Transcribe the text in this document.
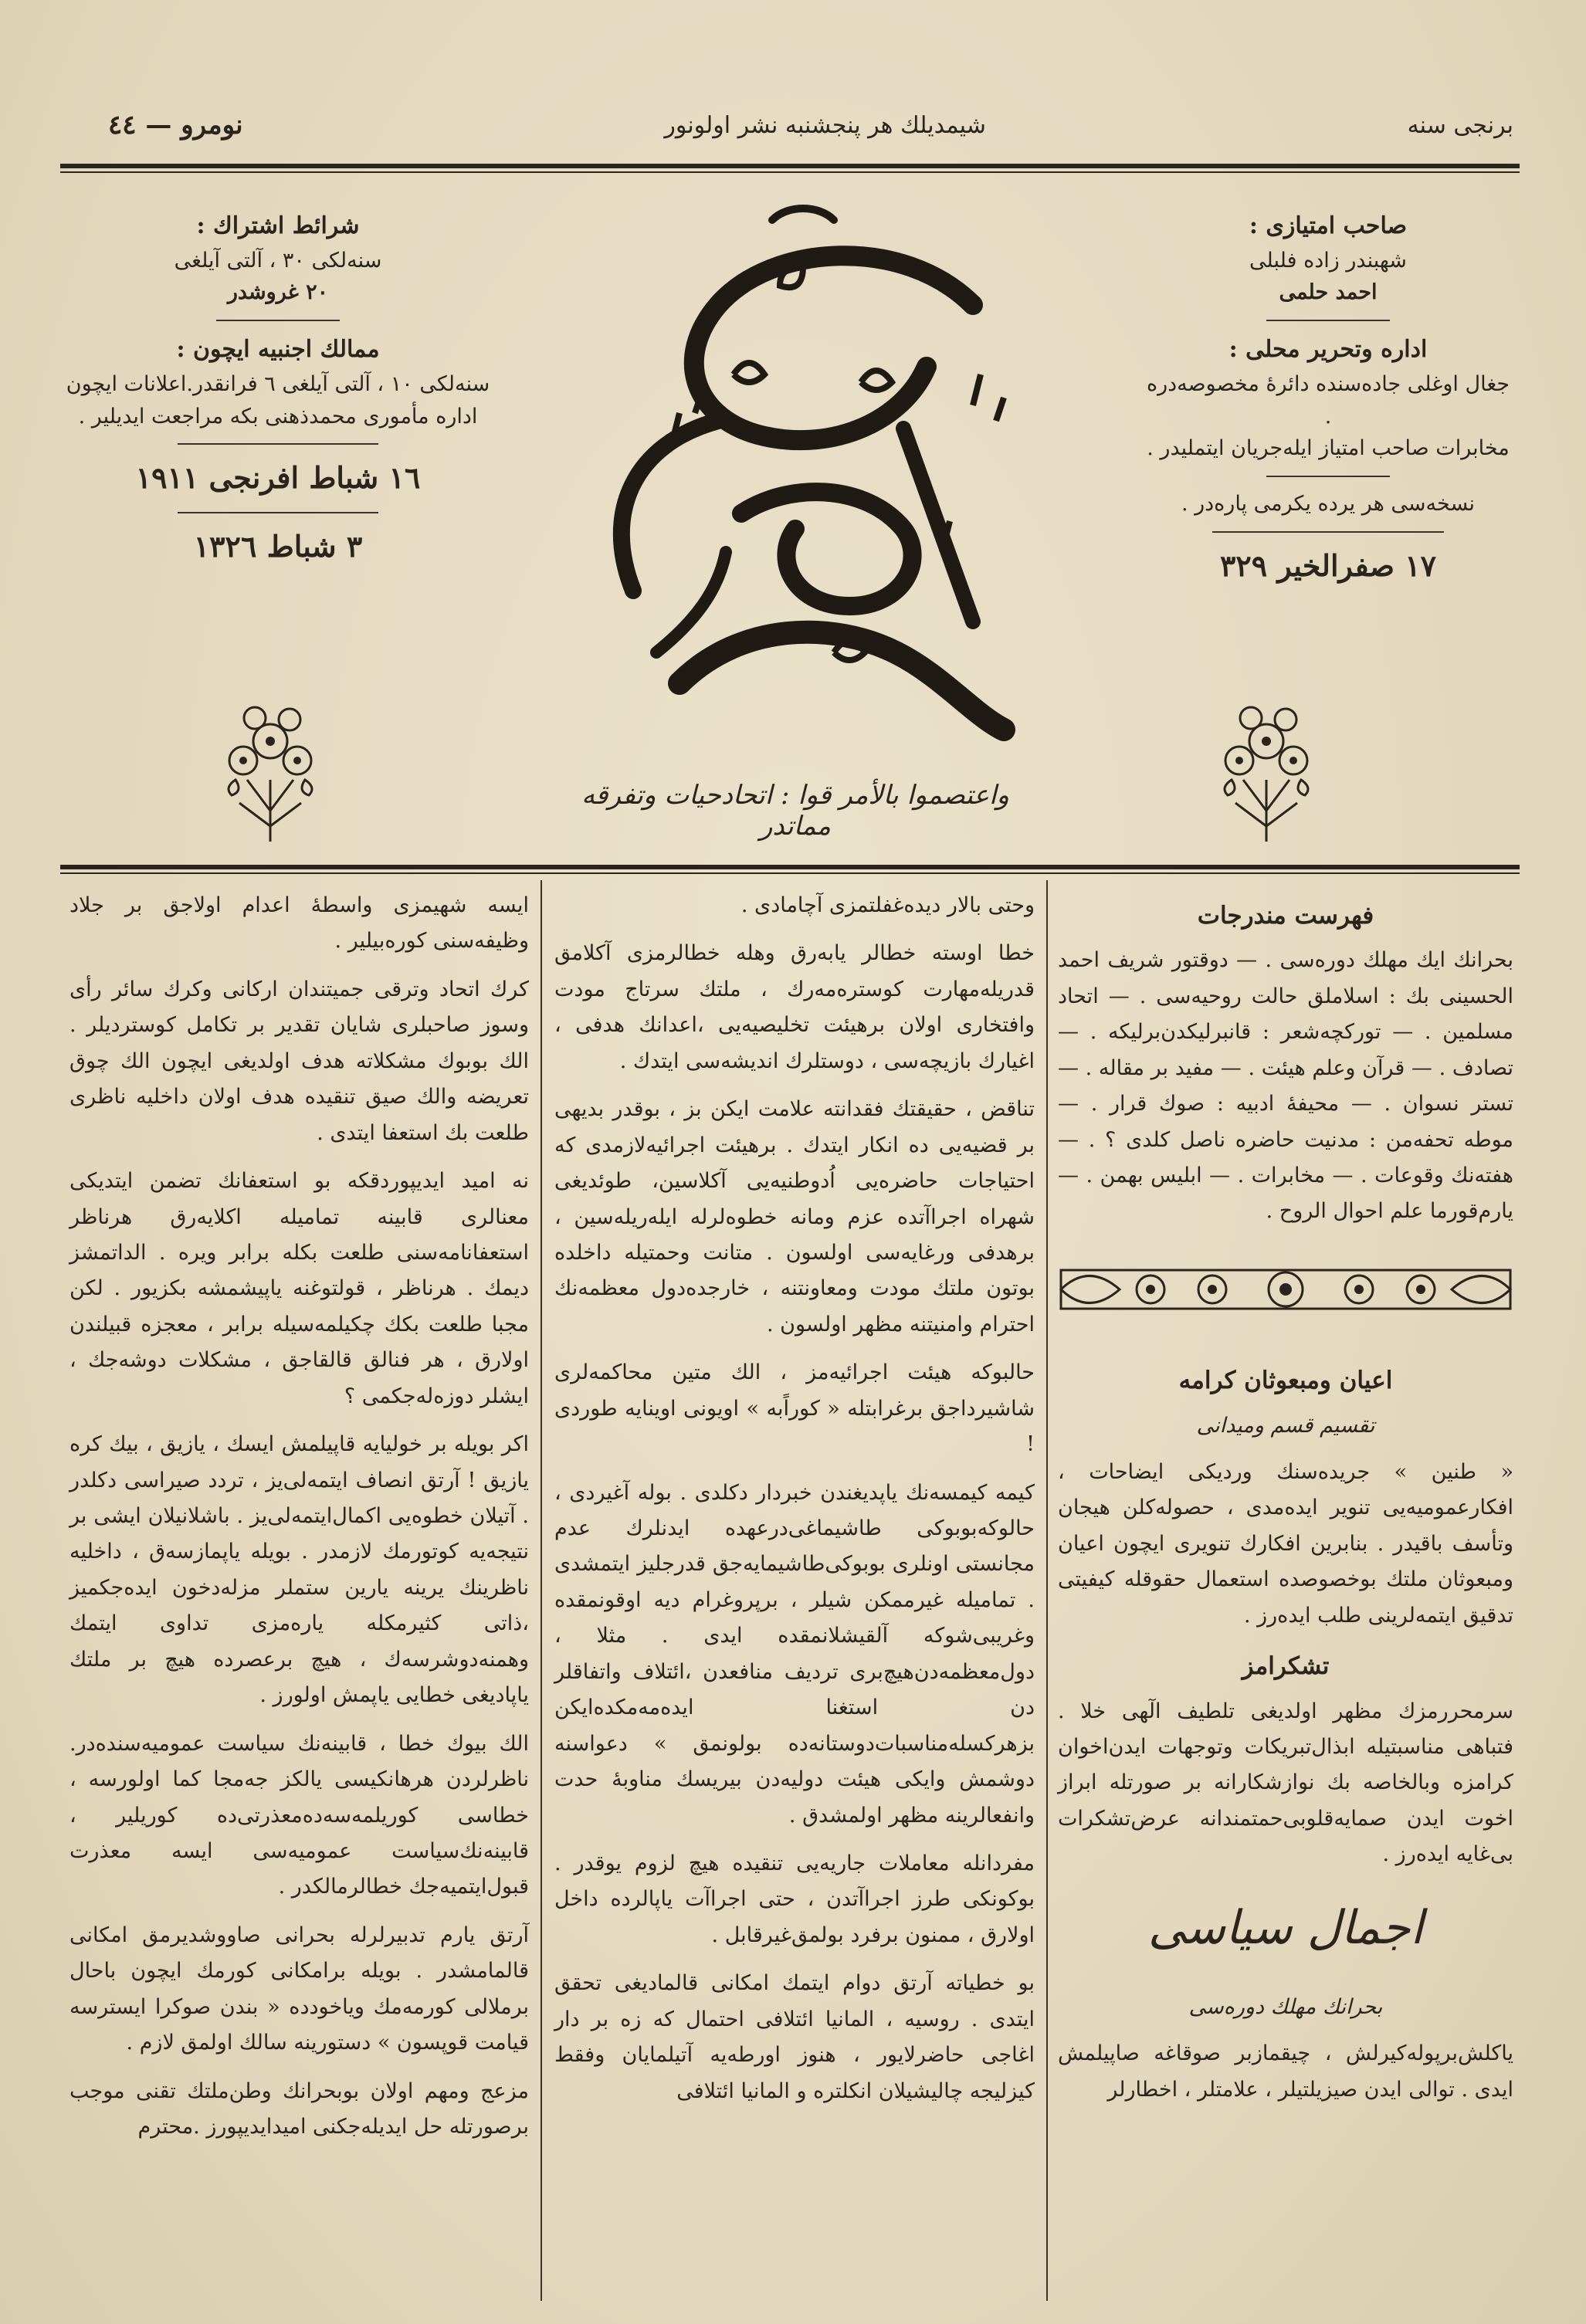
برنجی سنه
شیمدیلك هر پنجشنبه نشر اولونور
نومرو — ٤٤
صاحب امتیازی :
شهبندر زاده فلبلی
احمد حلمی
اداره وتحریر محلی :
جغال اوغلی جاده‌سنده دائرهٔ مخصوصه‌دره .
مخابرات صاحب امتیاز ایله‌جریان ایتملیدر .
نسخه‌سی هر یرده یکرمی پاره‌در .
١٧ صفرالخیر ٣٢٩
شرائط اشتراك :
سنه‌لکی ٣٠ ، آلتی آیلغی
٢٠ غروشدر
ممالك اجنبیه ایچون :
سنه‌لکی ١٠ ، آلتی آیلغی ٦ فرانقدر.اعلانات ایچون
اداره مأموری محمدذهنی بکه مراجعت ایدیلیر .
١٦ شباط افرنجی ١٩١١
٣ شباط ١٣٢٦
واعتصموا بالأمر قوا : اتحادحیات وتفرقه مماتدر
فهرست مندرجات

بحرانك ایك مهلك دوره‌سی . — دوقتور شریف احمد الحسینی بك : اسلاملق حالت روحیه‌سی . — اتحاد مسلمین . — تورکچه‌شعر : قانبرلیکدن‌برلیکه . — تصادف . — قرآن وعلم هیئت . — مفید بر مقاله . — تستر نسوان . — محیفهٔ ادبیه : صوك قرار . — موطه تحفه‌من : مدنیت حاضره ناصل کلدی ؟ . — هفته‌نك وقوعات . — مخابرات . — ابلیس بهمن . — یارم‌قورما علم احوال الروح .

اعیان ومبعوثان کرامه
تقسیم قسم ومیدانی

« طنین » جریده‌سنك وردیکی ایضاحات ، افکارعمومیه‌یی تنویر ایده‌مدی ، حصوله‌کلن هیجان وتأسف باقیدر . بنابرین افکارك تنویری ایچون اعیان ومبعوثان ملتك بوخصوصده استعمال حقوقله کیفیتی تدقیق ایتمه‌لرینی طلب ایده‌رز .

تشکرامز

سرمحررمزك مظهر اولدیغی تلطیف الٓهی خلا . فتباهی مناسبتیله ابذال‌تبریکات وتوجهات ایدن‌اخوان کرامزه وبالخاصه بك نوازشکارانه بر صورتله ابراز اخوت ایدن صمایه‌قلوبی‌حمتمندانه عرض‌تشکرات بی‌غایه ایده‌رز .

اجمال سیاسی
بحرانك مهلك دوره‌سی

یاکلش‌برپوله‌کیرلش ، چیقمازبر صوقاغه صاپیلمش ایدی . توالی ایدن صیزیلتیلر ، علامتلر ، اخطارلر

وحتی بالار دیده‌غفلتمزی آچامادی .

خطا اوسته خطالر یابه‌رق وهله خطالرمزی آکلامق قدریله‌مهارت کوستره‌مه‌رك ، ملتك سرتاج مودت وافتخاری اولان برهیئت تخلیصیه‌یی ،اعدانك هدفی ، اغیارك بازیچه‌سی ، دوستلرك اندیشه‌سی ایتدك .

تناقض ، حقیقتك فقدانته علامت ایکن بز ، بوقدر بدیهی بر قضیه‌یی ده انکار ایتدك . برهیئت اجرائیه‌لازمدی که احتیاجات حاضره‌یی اُدوطنیه‌یی آکلاسین، طوئدیغی شهراه اجراآتده عزم ومانه خطوه‌لرله ایله‌ریله‌سین ، برهدفی ورغایه‌سی اولسون . متانت وحمتیله داخلده بوتون ملتك مودت ومعاونتنه ، خارجده‌دول معظمه‌نك احترام وامنیتنه مظهر اولسون .

حالبوکه هیئت اجرائیه‌مز ، الك متین محاکمه‌لری شاشیرداجق برغرابتله « کوراًبه » اویونی اوینایه طوردی !

کیمه کیمسه‌نك یاپدیغندن خبردار دکلدی . بوله آغیردی ، حالوکه‌بوبوکی طاشیماغی‌درعهده ایدنلرك عدم مجانستی اونلری بوبوکی‌طاشیمایه‌جق قدرجلیز ایتمشدی . تمامیله غیرممکن شیلر ، برپروغرام دیه اوقونمقده وغریبی‌شوکه آلقیشلانمقده ایدی . مثلا ، دول‌معظمه‌دن‌هیچ‌بری تردیف منافعدن ،ائتلاف واتفاقلر دن استغنا ایده‌مه‌مکده‌ایکن بزهرکسله‌مناسبات‌دوستانه‌ده بولونمق » دعواسنه دوشمش وایکی هیئت دولیه‌دن بیریسك مناوبهٔ حدت وانفعالرینه مظهر اولمشدق .

مفردانله معاملات جاریه‌یی تنقیده هیچ لزوم یوقدر . بوکونکی طرز اجراآتدن ، حتی اجراآت یاپالرده داخل اولارق ، ممنون برفرد بولمق‌غیرقابل .

بو خطیاته آرتق دوام ایتمك امکانی قالمادیغی تحقق ایتدی . روسیه ، المانیا ائتلافی احتمال که زه بر دار اغاجی حاضرلایور ، هنوز اورطه‌یه آتیلمایان وفقط کیزلیجه چالیشیلان انکلتره و المانیا ائتلافی

ایسه شهیمزی واسطهٔ اعدام اولاجق بر جلاد وظیفه‌سنی کوره‌بیلیر .

کرك اتحاد وترقی جمیتندان ارکانی وکرك سائر رأی وسوز صاحبلری شایان تقدیر بر تکامل کوستردیلر . الك بوبوك مشکلاته هدف اولدیغی ایچون الك چوق تعریضه والك صیق تنقیده هدف اولان داخلیه ناظری طلعت بك استعفا ایتدی .

نه امید ایدیپوردقکه بو استعفانك تضمن ایتدیکی معنالری قابینه تمامیله اکلایه‌رق هرناظر استعفانامه‌سنی طلعت بکله برابر ویره . الداتمشز دیمك . هرناظر ، قولتوغنه یاپیشمشه بکزیور . لکن مجبا طلعت بکك چکیلمه‌سیله برابر ، معجزه قبیلندن اولارق ، هر فنالق قالقاجق ، مشکلات دوشه‌جك ، ایشلر دوزه‌له‌جکمی ؟

اکر بویله بر خولیایه قاپیلمش ایسك ، یازیق ، بیك کره یازیق ! آرتق انصاف ایتمه‌لی‌یز ، تردد صیراسی دکلدر . آتیلان خطوه‌یی اکمال‌ایتمه‌لی‌یز . باشلانیلان ایشی بر نتیجه‌یه کوتورمك لازمدر . بویله یاپمازسه‌ق ، داخلیه ناظرینك یرینه یارین ستملر مزله‌دخون ایده‌جکمیز ،ذاتی کثیرمکله یاره‌مزی تداوی ایتمك وهمنه‌دوشرسه‌ك ، هیچ برعصرده هیچ بر ملتك یاپادیغی خطایی یاپمش اولورز .

الك بیوك خطا ، قابینه‌نك سیاست عمومیه‌سنده‌در. ناظرلردن هرهانکیسی یالکز جه‌مجا کما اولورسه ، خطاسی کوریلمه‌سه‌ده‌معذرتی‌ده کوریلیر ، قابینه‌نك‌سیاست عمومیه‌سی ایسه معذرت قبول‌ایتمیه‌جك خطالرمالکدر .

آرتق یارم تدبیرلرله بحرانی صاووشدیرمق امکانی قالمامشدر . بویله برامکانی کورمك ایچون باحال برملالی کورمه‌مك ویاخودده « بندن صوکرا ایسترسه قیامت قوپسون » دستورینه سالك اولمق لازم .

مزعج ومهم اولان بوبحرانك وطن‌ملتك تقنی موجب برصورتله حل ایدیله‌جکنی امیدایدیپورز .محترم
